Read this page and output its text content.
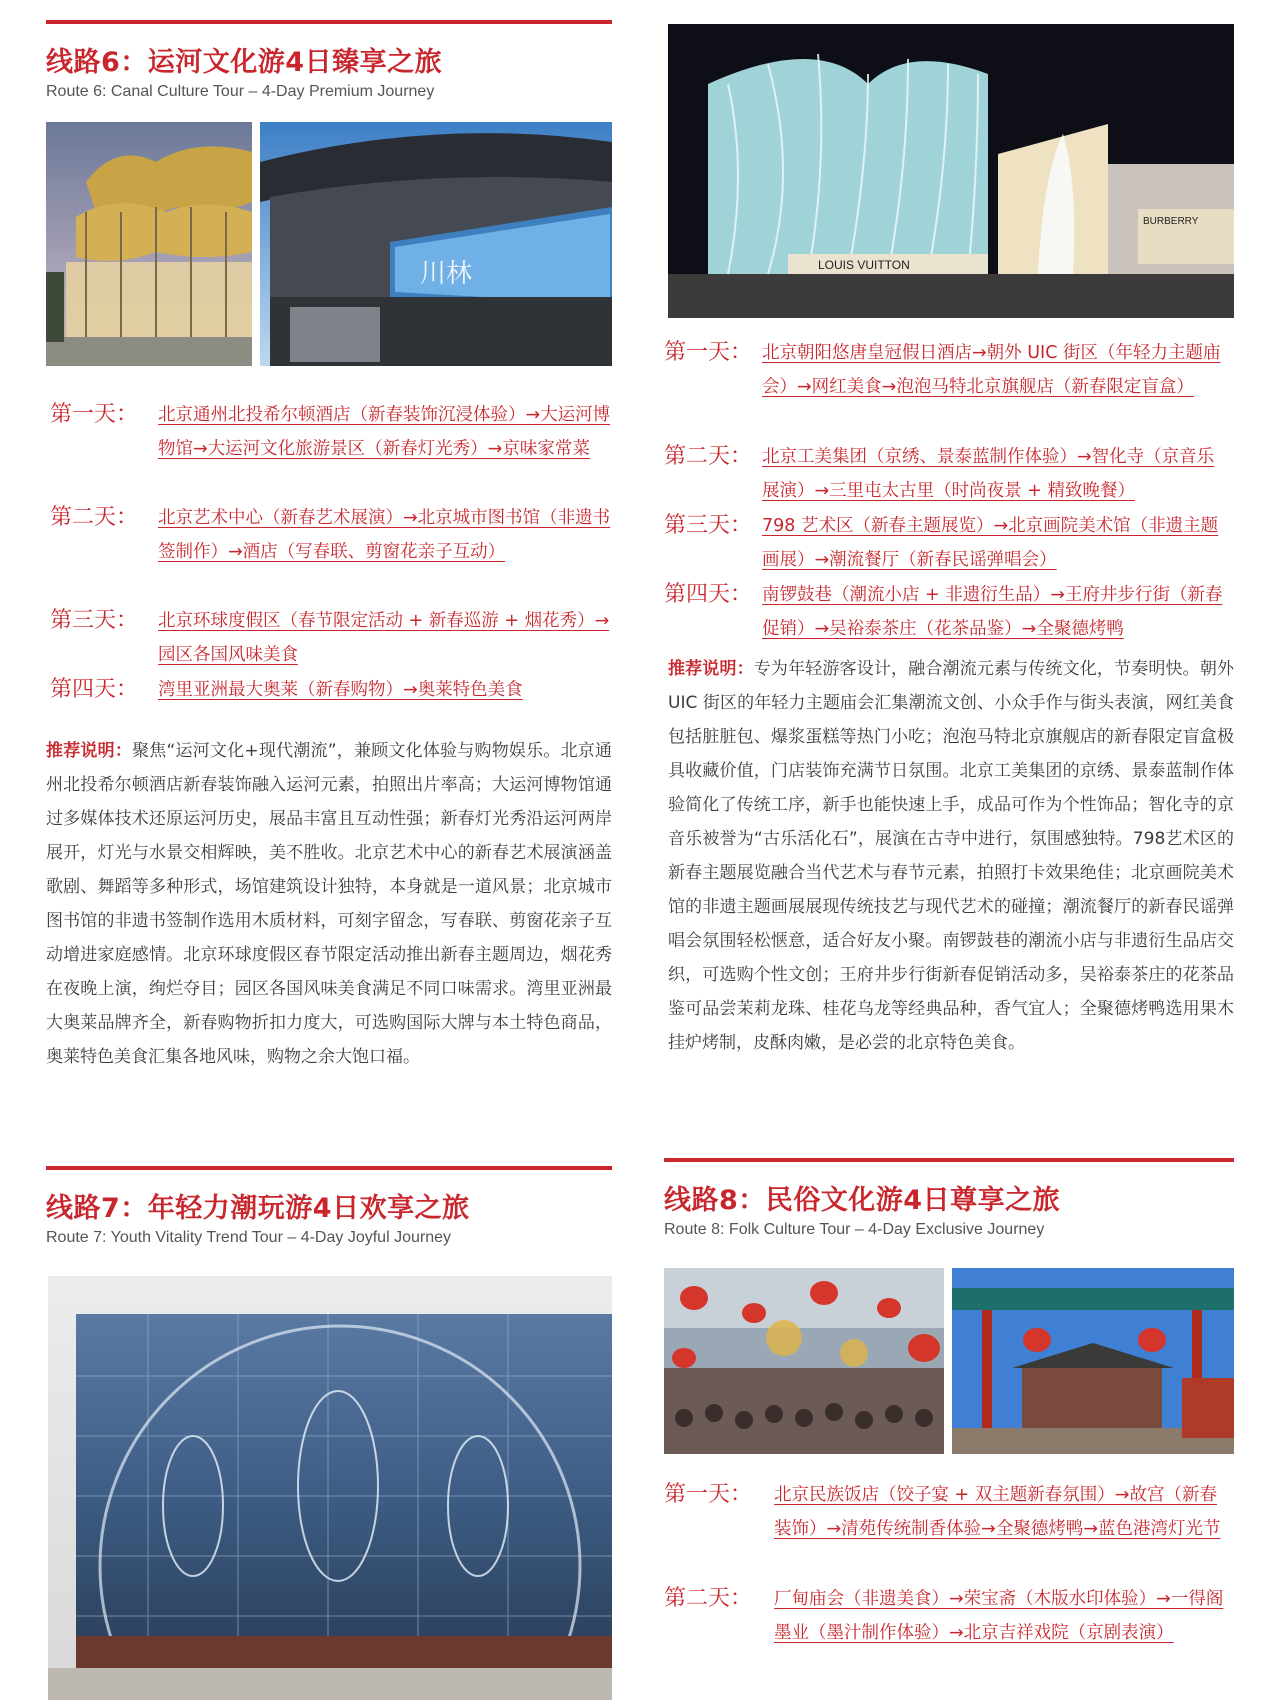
线路6：运河文化游4日臻享之旅

Route 6: Canal Culture Tour – 4-Day Premium Journey

川林
第一天： 北京通州北投希尔顿酒店（新春装饰沉浸体验）→大运河博物馆→大运河文化旅游景区（新春灯光秀）→京味家常菜
第二天： 北京艺术中心（新春艺术展演）→北京城市图书馆（非遗书签制作）→酒店（写春联、剪窗花亲子互动）
第三天： 北京环球度假区（春节限定活动 + 新春巡游 + 烟花秀）→园区各国风味美食
第四天： 湾里亚洲最大奥莱（新春购物）→奥莱特色美食
推荐说明：聚焦“运河文化+现代潮流”，兼顾文化体验与购物娱乐。北京通州北投希尔顿酒店新春装饰融入运河元素，拍照出片率高；大运河博物馆通过多媒体技术还原运河历史，展品丰富且互动性强；新春灯光秀沿运河两岸展开，灯光与水景交相辉映，美不胜收。北京艺术中心的新春艺术展演涵盖歌剧、舞蹈等多种形式，场馆建筑设计独特，本身就是一道风景；北京城市图书馆的非遗书签制作选用木质材料，可刻字留念，写春联、剪窗花亲子互动增进家庭感情。北京环球度假区春节限定活动推出新春主题周边，烟花秀在夜晚上演，绚烂夺目；园区各国风味美食满足不同口味需求。湾里亚洲最大奥莱品牌齐全，新春购物折扣力度大，可选购国际大牌与本土特色商品，奥莱特色美食汇集各地风味，购物之余大饱口福。
线路7：年轻力潮玩游4日欢享之旅

Route 7: Youth Vitality Trend Tour – 4-Day Joyful Journey

LOUIS VUITTON
BURBERRY
第一天： 北京朝阳悠唐皇冠假日酒店→朝外 UIC 街区（年轻力主题庙会）→网红美食→泡泡马特北京旗舰店（新春限定盲盒）
第二天： 北京工美集团（京绣、景泰蓝制作体验）→智化寺（京音乐展演）→三里屯太古里（时尚夜景 + 精致晚餐）
第三天： 798 艺术区（新春主题展览）→北京画院美术馆（非遗主题画展）→潮流餐厅（新春民谣弹唱会）
第四天： 南锣鼓巷（潮流小店 + 非遗衍生品）→王府井步行街（新春促销）→吴裕泰茶庄（花茶品鉴）→全聚德烤鸭
推荐说明：专为年轻游客设计，融合潮流元素与传统文化，节奏明快。朝外 UIC 街区的年轻力主题庙会汇集潮流文创、小众手作与街头表演，网红美食包括脏脏包、爆浆蛋糕等热门小吃；泡泡马特北京旗舰店的新春限定盲盒极具收藏价值，门店装饰充满节日氛围。北京工美集团的京绣、景泰蓝制作体验简化了传统工序，新手也能快速上手，成品可作为个性饰品；智化寺的京音乐被誉为“古乐活化石”，展演在古寺中进行，氛围感独特。798艺术区的新春主题展览融合当代艺术与春节元素，拍照打卡效果绝佳；北京画院美术馆的非遗主题画展展现传统技艺与现代艺术的碰撞；潮流餐厅的新春民谣弹唱会氛围轻松惬意，适合好友小聚。南锣鼓巷的潮流小店与非遗衍生品店交织，可选购个性文创；王府井步行街新春促销活动多，吴裕泰茶庄的花茶品鉴可品尝茉莉龙珠、桂花乌龙等经典品种，香气宜人；全聚德烤鸭选用果木挂炉烤制，皮酥肉嫩，是必尝的北京特色美食。
线路8：民俗文化游4日尊享之旅

Route 8: Folk Culture Tour – 4-Day Exclusive Journey

第一天： 北京民族饭店（饺子宴 + 双主题新春氛围）→故宫（新春装饰）→清苑传统制香体验→全聚德烤鸭→蓝色港湾灯光节
第二天： 厂甸庙会（非遗美食）→荣宝斋（木版水印体验）→一得阁墨业（墨汁制作体验）→北京吉祥戏院（京剧表演）
